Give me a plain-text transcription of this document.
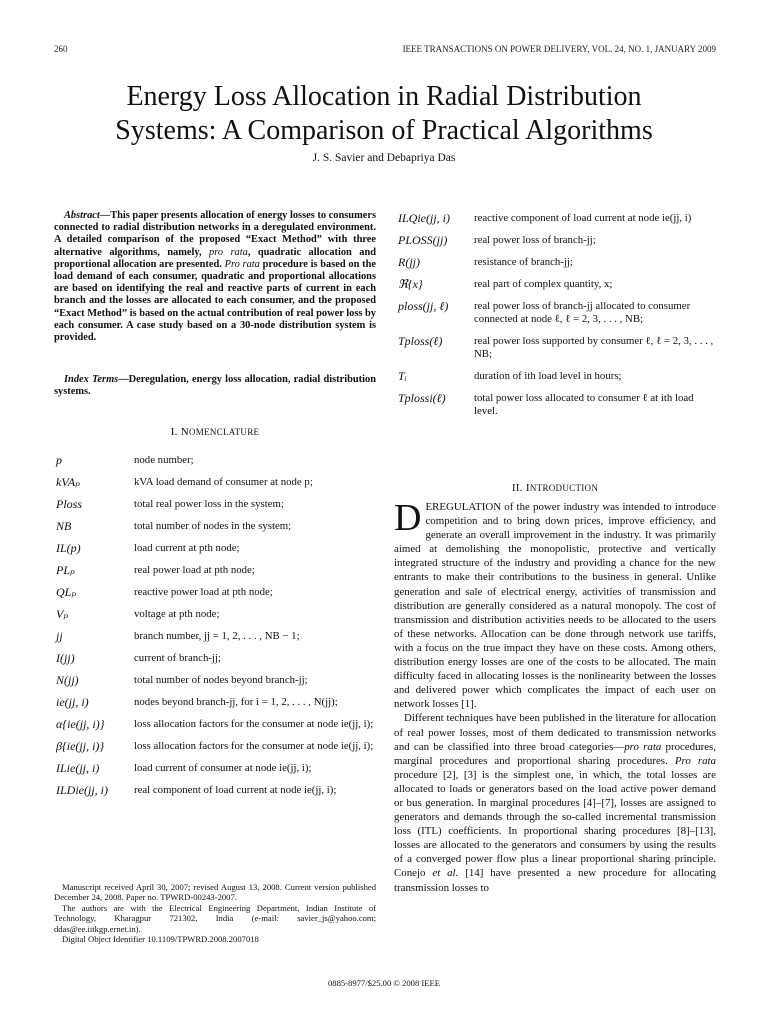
260	IEEE TRANSACTIONS ON POWER DELIVERY, VOL. 24, NO. 1, JANUARY 2009
Energy Loss Allocation in Radial Distribution
Systems: A Comparison of Practical Algorithms
J. S. Savier and Debapriya Das

Abstract—This paper presents allocation of energy losses to consumers connected to radial distribution networks in a deregulated environment. A detailed comparison of the proposed “Exact Method” with three alternative algorithms, namely, pro rata, quadratic allocation and proportional allocation are presented. Pro rata procedure is based on the load demand of each consumer, quadratic and proportional allocations are based on identifying the real and reactive parts of current in each branch and the losses are allocated to each consumer, and the proposed “Exact Method” is based on the actual contribution of real power loss by each consumer. A case study based on a 30-node distribution system is provided.

Index Terms—Deregulation, energy loss allocation, radial distribution systems.

I. NOMENCLATURE
p	node number;
kVAₚ	kVA load demand of consumer at node p;
Ploss	total real power loss in the system;
NB	total number of nodes in the system;
IL(p)	load current at pth node;
PLₚ	real power load at pth node;
QLₚ	reactive power load at pth node;
Vₚ	voltage at pth node;
jj	branch number, jj = 1, 2, . . . , NB − 1;
I(jj)	current of branch-jj;
N(jj)	total number of nodes beyond branch-jj;
ie(jj, i)	nodes beyond branch-jj, for i = 1, 2, . . . , N(jj);
α{ie(jj, i)}	loss allocation factors for the consumer at node ie(jj, i);
β{ie(jj, i)}	loss allocation factors for the consumer at node ie(jj, i);
ILie(jj, i)	load current of consumer at node ie(jj, i);
ILDie(jj, i)	real component of load current at node ie(jj, i);
ILQie(jj, i)	reactive component of load current at node ie(jj, i)
PLOSS(jj)	real power loss of branch-jj;
R(jj)	resistance of branch-jj;
ℜ{x}	real part of complex quantity, x;
ploss(jj, ℓ)	real power loss of branch-jj allocated to consumer connected at node ℓ, ℓ = 2, 3, . . . , NB;
Tploss(ℓ)	real power loss supported by consumer ℓ, ℓ = 2, 3, . . . , NB;
Tᵢ	duration of ith load level in hours;
Tplossi(ℓ)	total power loss allocated to consumer ℓ at ith load level.

Manuscript received April 30, 2007; revised August 13, 2008. Current version published December 24, 2008. Paper no. TPWRD-00243-2007.

The authors are with the Electrical Engineering Department, Indian Institute of Technology, Kharagpur 721302, India (e-mail: savier_js@yahoo.com; ddas@ee.iitkgp.ernet.in).

Digital Object Identifier 10.1109/TPWRD.2008.2007018

II. INTRODUCTION

DEREGULATION of the power industry was intended to introduce competition and to bring down prices, improve efficiency, and generate an overall improvement in the industry. It was primarily aimed at demolishing the monopolistic, protective and vertically integrated structure of the industry and providing a chance for the new entrants to make their contributions to the business in general. Unlike generation and sale of electrical energy, activities of transmission and distribution are generally considered as a natural monopoly. The cost of transmission and distribution activities needs to be allocated to the users of these networks. Allocation can be done through network use tariffs, with a focus on the true impact they have on these costs. Among others, distribution energy losses are one of the costs to be allocated. The main difficulty faced in allocating losses is the nonlinearity between the losses and delivered power which complicates the impact of each user on network losses [1].

Different techniques have been published in the literature for allocation of real power losses, most of them dedicated to transmission networks and can be classified into three broad categories—pro rata procedures, marginal procedures and proportional sharing procedures. Pro rata procedure [2], [3] is the simplest one, in which, the total losses are allocated to loads or generators based on the load active power demand or bus generation. In marginal procedures [4]–[7], losses are assigned to generators and demands through the so-called incremental transmission loss (ITL) coefficients. In proportional sharing procedures [8]–[13], losses are allocated to the generators and consumers by using the results of a converged power flow plus a linear proportional sharing principle. Conejo et al. [14] have presented a new procedure for allocating transmission losses to

0885-8977/$25.00 © 2008 IEEE
